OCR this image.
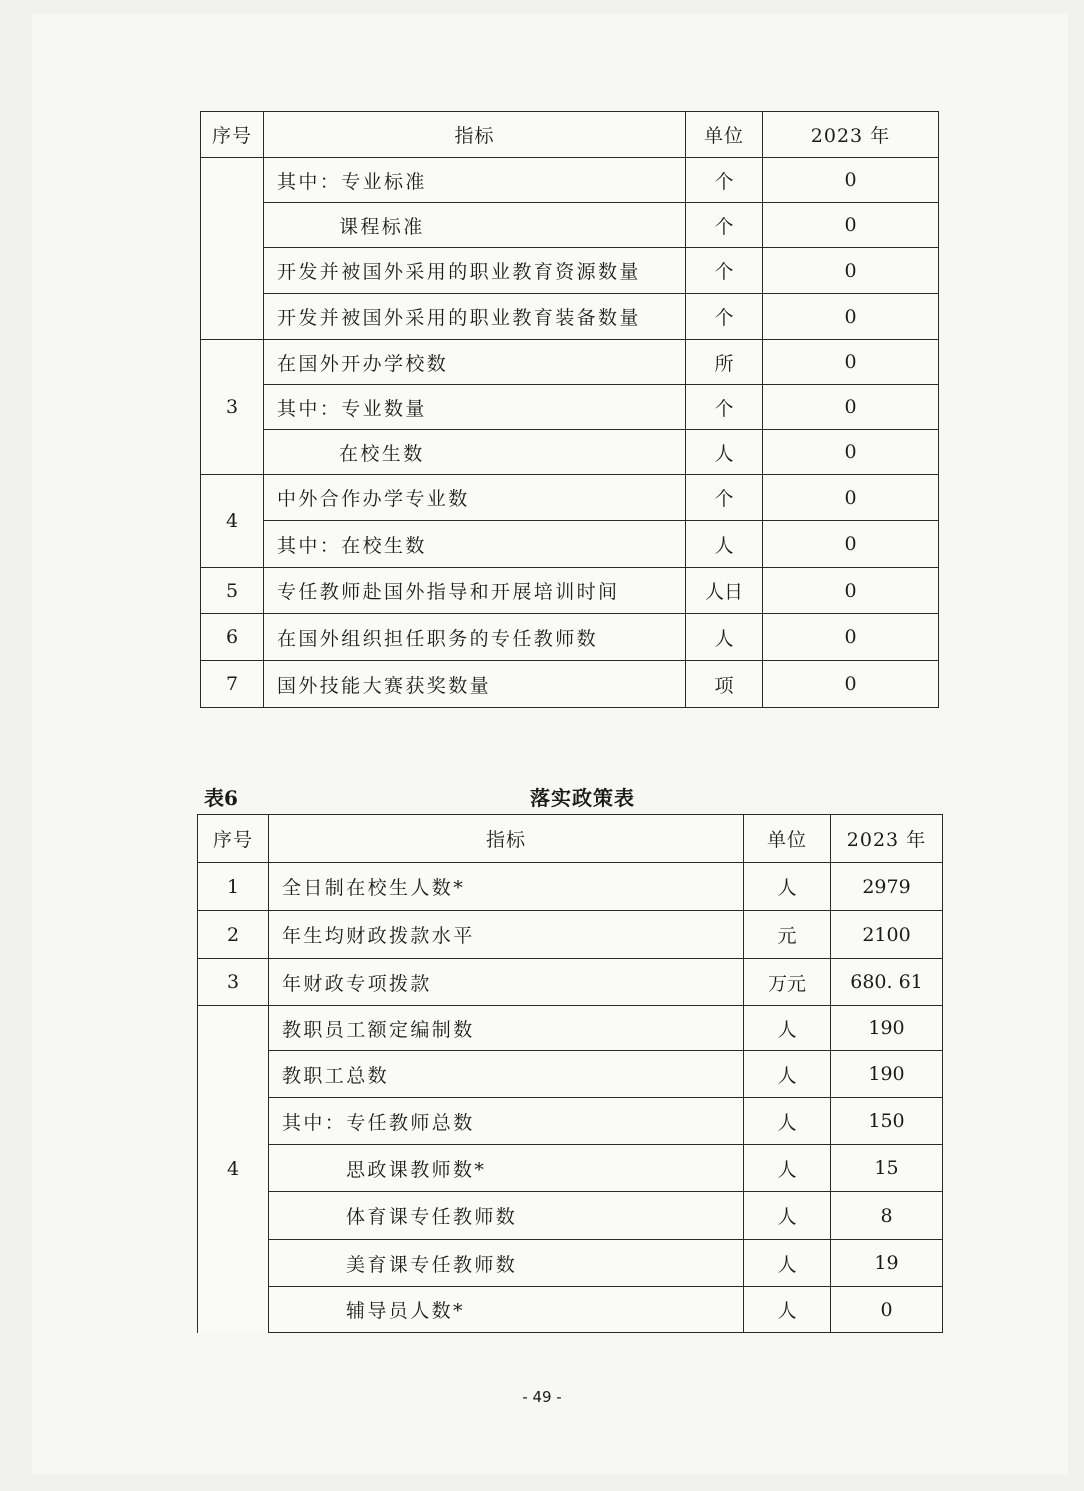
序号	指标	单位	2023 年
	其中：专业标准	个	0
	课程标准	个	0
	开发并被国外采用的职业教育资源数量	个	0
	开发并被国外采用的职业教育装备数量	个	0
3	在国外开办学校数	所	0
	其中：专业数量	个	0
	在校生数	人	0
4	中外合作办学专业数	个	0
	其中：在校生数	人	0
5	专任教师赴国外指导和开展培训时间	人日	0
6	在国外组织担任职务的专任教师数	人	0
7	国外技能大赛获奖数量	项	0
表6	落实政策表
序号	指标	单位	2023 年
1	全日制在校生人数*	人	2979
2	年生均财政拨款水平	元	2100
3	年财政专项拨款	万元	680. 61
4	教职员工额定编制数	人	190
	教职工总数	人	190
	其中：专任教师总数	人	150
	思政课教师数*	人	15
	体育课专任教师数	人	8
	美育课专任教师数	人	19
	辅导员人数*	人	0
- 49 -
